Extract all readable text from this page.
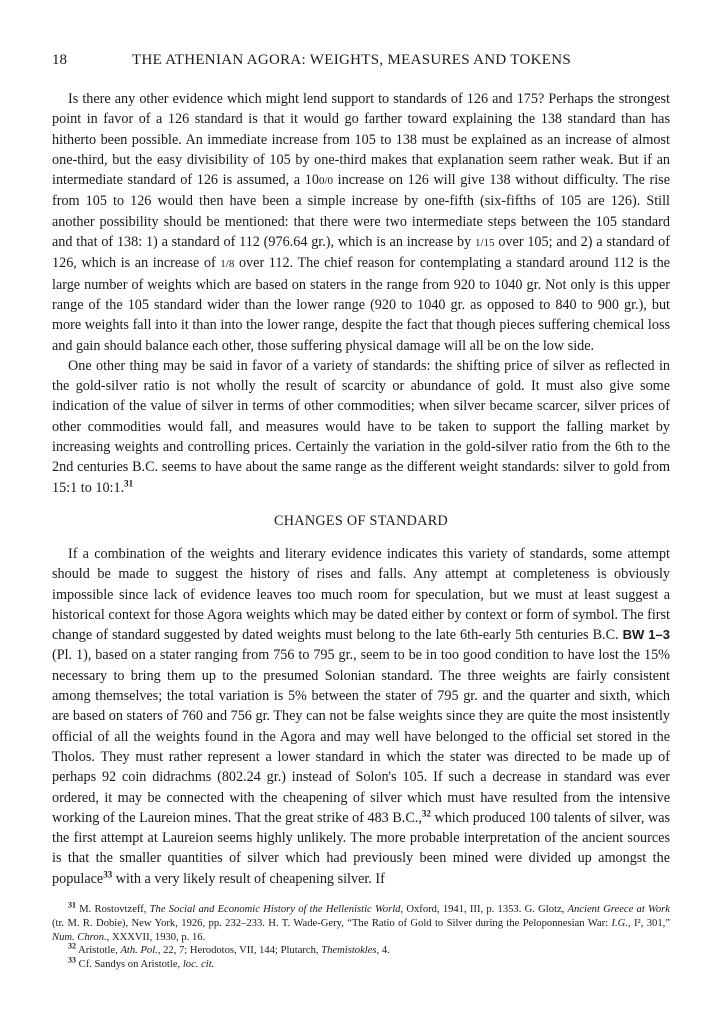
18	THE ATHENIAN AGORA: WEIGHTS, MEASURES AND TOKENS

Is there any other evidence which might lend support to standards of 126 and 175? Perhaps the strongest point in favor of a 126 standard is that it would go farther toward explaining the 138 standard than has hitherto been possible. An immediate increase from 105 to 138 must be explained as an increase of almost one-third, but the easy divisibility of 105 by one-third makes that explanation seem rather weak. But if an intermediate standard of 126 is assumed, a 100/0 increase on 126 will give 138 without difficulty. The rise from 105 to 126 would then have been a simple increase by one-fifth (six-fifths of 105 are 126). Still another possibility should be mentioned: that there were two intermediate steps between the 105 standard and that of 138: 1) a standard of 112 (976.64 gr.), which is an increase by 1/15 over 105; and 2) a standard of 126, which is an increase of 1/8 over 112. The chief reason for contemplating a standard around 112 is the large number of weights which are based on staters in the range from 920 to 1040 gr. Not only is this upper range of the 105 standard wider than the lower range (920 to 1040 gr. as opposed to 840 to 900 gr.), but more weights fall into it than into the lower range, despite the fact that though pieces suffering chemical loss and gain should balance each other, those suffering physical damage will all be on the low side.

One other thing may be said in favor of a variety of standards: the shifting price of silver as reflected in the gold-silver ratio is not wholly the result of scarcity or abundance of gold. It must also give some indication of the value of silver in terms of other commodities; when silver became scarcer, silver prices of other commodities would fall, and measures would have to be taken to support the falling market by increasing weights and controlling prices. Certainly the variation in the gold-silver ratio from the 6th to the 2nd centuries B.C. seems to have about the same range as the different weight standards: silver to gold from 15:1 to 10:1.31

CHANGES OF STANDARD

If a combination of the weights and literary evidence indicates this variety of standards, some attempt should be made to suggest the history of rises and falls. Any attempt at completeness is obviously impossible since lack of evidence leaves too much room for speculation, but we must at least suggest a historical context for those Agora weights which may be dated either by context or form of symbol. The first change of standard suggested by dated weights must belong to the late 6th-early 5th centuries B.C. BW 1–3 (Pl. 1), based on a stater ranging from 756 to 795 gr., seem to be in too good condition to have lost the 15% necessary to bring them up to the presumed Solonian standard. The three weights are fairly consistent among themselves; the total variation is 5% between the stater of 795 gr. and the quarter and sixth, which are based on staters of 760 and 756 gr. They can not be false weights since they are quite the most insistently official of all the weights found in the Agora and may well have belonged to the official set stored in the Tholos. They must rather represent a lower standard in which the stater was directed to be made up of perhaps 92 coin didrachms (802.24 gr.) instead of Solon's 105. If such a decrease in standard was ever ordered, it may be connected with the cheapening of silver which must have resulted from the intensive working of the Laureion mines. That the great strike of 483 B.C.,$^{32}$ which produced 100 talents of silver, was the first attempt at Laureion seems highly unlikely. The more probable interpretation of the ancient sources is that the smaller quantities of silver which had previously been mined were divided up amongst the populace$^{33}$ with a very likely result of cheapening silver. If

$^{31}$ M. Rostovtzeff, The Social and Economic History of the Hellenistic World, Oxford, 1941, III, p. 1353. G. Glotz, Ancient Greece at Work (tr. M. R. Dobie), New York, 1926, pp. 232–233. H. T. Wade-Gery, “The Ratio of Gold to Silver during the Peloponnesian War: I.G., I², 301,” Num. Chron., XXXVII, 1930, p. 16.

$^{32}$ Aristotle, Ath. Pol., 22, 7; Herodotos, VII, 144; Plutarch, Themistokles, 4.

$^{33}$ Cf. Sandys on Aristotle, loc. cit.
